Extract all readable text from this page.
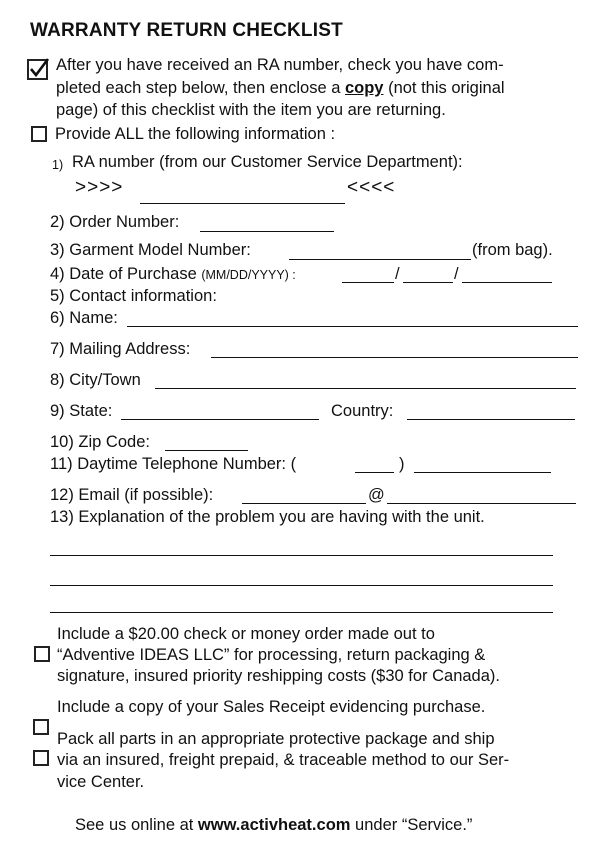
WARRANTY RETURN CHECKLIST
After you have received an RA number, check you have com-
pleted each step below, then enclose a copy (not this original
page) of this checklist with the item you are returning.
Provide ALL the following information :
1) RA number (from our Customer Service Department):
>>>>	<<<<
2) Order Number:
3) Garment Model Number:	(from bag).
4) Date of Purchase (MM/DD/YYYY) :	/	/
5) Contact information:
6) Name:
7) Mailing Address:
8) City/Town
9) State:	Country:
10) Zip Code:
11) Daytime Telephone Number: (	)
12) Email (if possible):	@
13) Explanation of the problem you are having with the unit.
Include a $20.00 check or money order made out to
“Adventive IDEAS LLC” for processing, return packaging &
signature, insured priority reshipping costs ($30 for Canada).
Include a copy of your Sales Receipt evidencing purchase.
Pack all parts in an appropriate protective package and ship
via an insured, freight prepaid, & traceable method to our Ser-
vice Center.
See us online at www.activheat.com under “Service.”
